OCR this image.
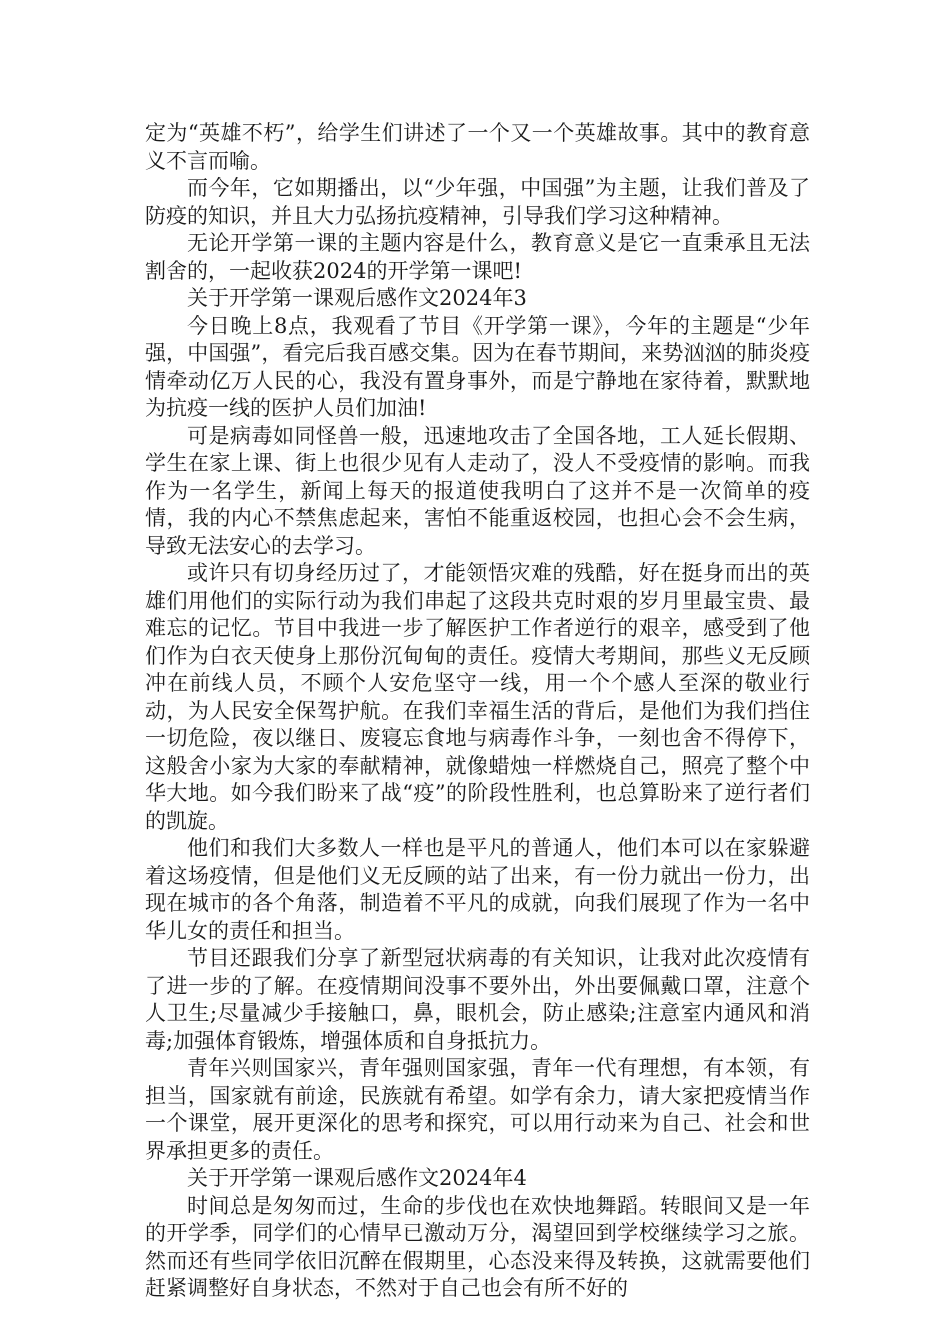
定为“英雄不朽”，给学生们讲述了一个又一个英雄故事。其中的教育意义不言而喻。

而今年，它如期播出，以“少年强，中国强”为主题，让我们普及了防疫的知识，并且大力弘扬抗疫精神，引导我们学习这种精神。

无论开学第一课的主题内容是什么，教育意义是它一直秉承且无法割舍的，一起收获2024的开学第一课吧!

关于开学第一课观后感作文2024年3

今日晚上8点，我观看了节目《开学第一课》，今年的主题是“少年强，中国强”，看完后我百感交集。因为在春节期间，来势汹汹的肺炎疫情牵动亿万人民的心，我没有置身事外，而是宁静地在家待着，默默地为抗疫一线的医护人员们加油!

可是病毒如同怪兽一般，迅速地攻击了全国各地，工人延长假期、学生在家上课、街上也很少见有人走动了，没人不受疫情的影响。而我作为一名学生，新闻上每天的报道使我明白了这并不是一次简单的疫情，我的内心不禁焦虑起来，害怕不能重返校园，也担心会不会生病，导致无法安心的去学习。

或许只有切身经历过了，才能领悟灾难的残酷，好在挺身而出的英雄们用他们的实际行动为我们串起了这段共克时艰的岁月里最宝贵、最难忘的记忆。节目中我进一步了解医护工作者逆行的艰辛，感受到了他们作为白衣天使身上那份沉甸甸的责任。疫情大考期间，那些义无反顾冲在前线人员，不顾个人安危坚守一线，用一个个感人至深的敬业行动，为人民安全保驾护航。在我们幸福生活的背后，是他们为我们挡住一切危险，夜以继日、废寝忘食地与病毒作斗争，一刻也舍不得停下，这般舍小家为大家的奉献精神，就像蜡烛一样燃烧自己，照亮了整个中华大地。如今我们盼来了战“疫”的阶段性胜利，也总算盼来了逆行者们的凯旋。

他们和我们大多数人一样也是平凡的普通人，他们本可以在家躲避着这场疫情，但是他们义无反顾的站了出来，有一份力就出一份力，出现在城市的各个角落，制造着不平凡的成就，向我们展现了作为一名中华儿女的责任和担当。

节目还跟我们分享了新型冠状病毒的有关知识，让我对此次疫情有了进一步的了解。在疫情期间没事不要外出，外出要佩戴口罩，注意个人卫生;尽量减少手接触口，鼻，眼机会，防止感染;注意室内通风和消毒;加强体育锻炼，增强体质和自身抵抗力。

青年兴则国家兴，青年强则国家强，青年一代有理想，有本领，有担当，国家就有前途，民族就有希望。如学有余力，请大家把疫情当作一个课堂，展开更深化的思考和探究，可以用行动来为自己、社会和世界承担更多的责任。

关于开学第一课观后感作文2024年4

时间总是匆匆而过，生命的步伐也在欢快地舞蹈。转眼间又是一年的开学季，同学们的心情早已激动万分，渴望回到学校继续学习之旅。然而还有些同学依旧沉醉在假期里，心态没来得及转换，这就需要他们赶紧调整好自身状态，不然对于自己也会有所不好的
